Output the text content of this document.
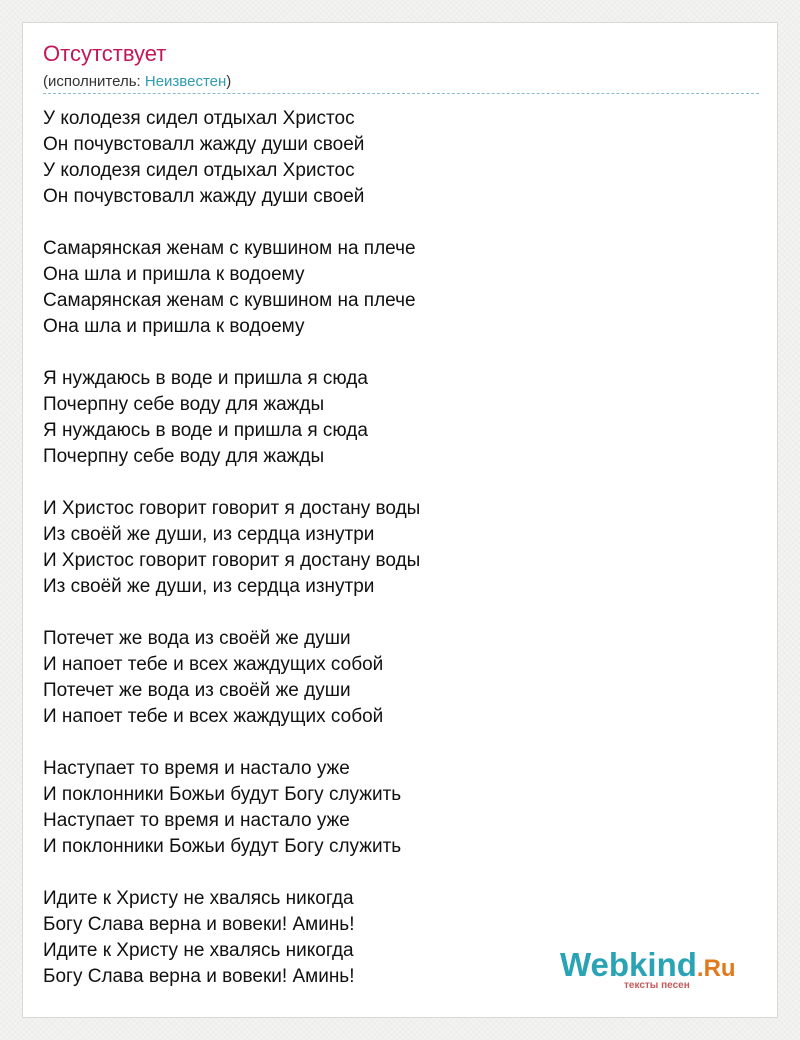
Отсутствует
(исполнитель: Неизвестен)
У колодезя сидел отдыхал Христос
Он почувстовалл жажду души своей
У колодезя сидел отдыхал Христос
Он почувстовалл жажду души своей
Самарянская женам с кувшином на плече
Она шла и пришла к водоему
Самарянская женам с кувшином на плече
Она шла и пришла к водоему
Я нуждаюсь в воде и пришла я сюда
Почерпну себе воду для жажды
Я нуждаюсь в воде и пришла я сюда
Почерпну себе воду для жажды
И Христос говорит говорит я достану воды
Из своёй же души, из сердца изнутри
И Христос говорит говорит я достану воды
Из своёй же души, из сердца изнутри
Потечет же вода из своёй же души
И напоет тебе и всех жаждущих собой
Потечет же вода из своёй же души
И напоет тебе и всех жаждущих собой
Наступает то время и настало уже
И поклонники Божьи будут Богу служить
Наступает то время и настало уже
И поклонники Божьи будут Богу служить
Идите к Христу не хвалясь никогда
Богу Слава верна и вовеки! Аминь!
Идите к Христу не хвалясь никогда
Богу Слава верна и вовеки! Аминь!	Webkind.Ru
тексты песен
